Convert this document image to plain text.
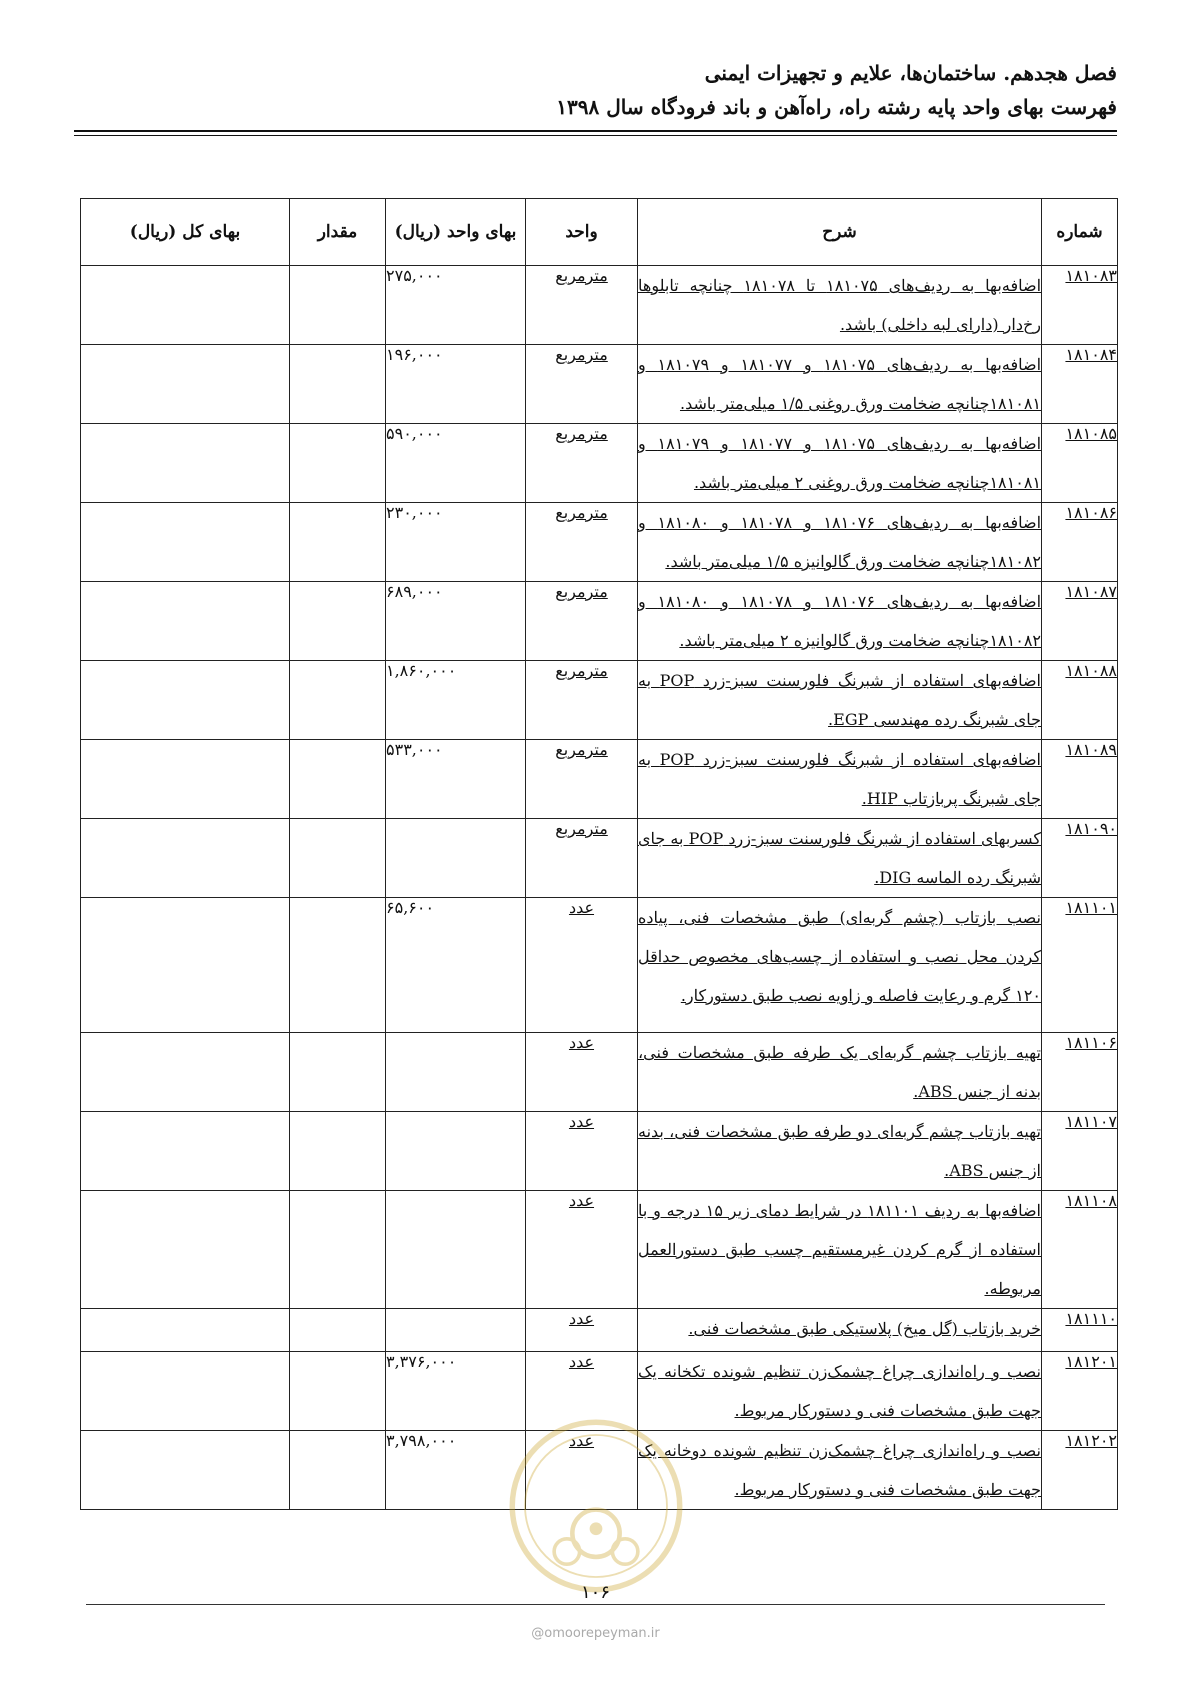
فصل هجدهم. ساختمان‌ها، علایم و تجهیزات ایمنی
فهرست بهای واحد پایه رشته راه، راه‌آهن و باند فرودگاه سال ۱۳۹۸
شماره	شرح	واحد	بهای واحد (ریال)	مقدار	بهای کل (ریال)
۱۸۱۰۸۳	اضافه‌بها به ردیف‌های ۱۸۱۰۷۵ تا ۱۸۱۰۷۸ چنانچه تابلوها رخ‌دار (دارای لبه داخلی) باشد.	مترمربع	۲۷۵,۰۰۰		
۱۸۱۰۸۴	اضافه‌بها به ردیف‌های ۱۸۱۰۷۵ و ۱۸۱۰۷۷ و ۱۸۱۰۷۹ و ۱۸۱۰۸۱چنانچه ضخامت ورق روغنی ۱/۵ میلی‌متر باشد.	مترمربع	۱۹۶,۰۰۰		
۱۸۱۰۸۵	اضافه‌بها به ردیف‌های ۱۸۱۰۷۵ و ۱۸۱۰۷۷ و ۱۸۱۰۷۹ و ۱۸۱۰۸۱چنانچه ضخامت ورق روغنی ۲ میلی‌متر باشد.	مترمربع	۵۹۰,۰۰۰		
۱۸۱۰۸۶	اضافه‌بها به ردیف‌های ۱۸۱۰۷۶ و ۱۸۱۰۷۸ و ۱۸۱۰۸۰ و ۱۸۱۰۸۲چنانچه ضخامت ورق گالوانیزه ۱/۵ میلی‌متر باشد.	مترمربع	۲۳۰,۰۰۰		
۱۸۱۰۸۷	اضافه‌بها به ردیف‌های ۱۸۱۰۷۶ و ۱۸۱۰۷۸ و ۱۸۱۰۸۰ و ۱۸۱۰۸۲چنانچه ضخامت ورق گالوانیزه ۲ میلی‌متر باشد.	مترمربع	۶۸۹,۰۰۰		
۱۸۱۰۸۸	اضافه‌بهای استفاده از شبرنگ فلورسنت سبز-زرد POP به جای شبرنگ رده مهندسی EGP.	مترمربع	۱,۸۶۰,۰۰۰		
۱۸۱۰۸۹	اضافه‌بهای استفاده از شبرنگ فلورسنت سبز-زرد POP به جای شبرنگ پربازتاب HIP.	مترمربع	۵۳۳,۰۰۰		
۱۸۱۰۹۰	کسربهای استفاده از شبرنگ فلورسنت سبز-زرد POP به جای شبرنگ رده الماسه DIG.	مترمربع			
۱۸۱۱۰۱	نصب بازتاب (چشم گربه‌ای) طبق مشخصات فنی، پیاده کردن محل نصب و استفاده از چسب‌های مخصوص حداقل ۱۲۰ گرم و رعایت فاصله و زاویه نصب طبق دستورکار.	عدد	۶۵,۶۰۰		
۱۸۱۱۰۶	تهیه بازتاب چشم گربه‌ای یک طرفه طبق مشخصات فنی، بدنه از جنس ABS.	عدد			
۱۸۱۱۰۷	تهیه بازتاب چشم گربه‌ای دو طرفه طبق مشخصات فنی، بدنه از جنس ABS.	عدد			
۱۸۱۱۰۸	اضافه‌بها به ردیف ۱۸۱۱۰۱ در شرایط دمای زیر ۱۵ درجه و با استفاده از گرم کردن غیرمستقیم چسب طبق دستورالعمل مربوطه.	عدد			
۱۸۱۱۱۰	خرید بازتاب (گل میخ) پلاستیکی طبق مشخصات فنی.	عدد			
۱۸۱۲۰۱	نصب و راه‌اندازی چراغ چشمک‌زن تنظیم شونده تکخانه یک جهت طبق مشخصات فنی و دستورکار مربوط.	عدد	۳,۳۷۶,۰۰۰		
۱۸۱۲۰۲	نصب و راه‌اندازی چراغ چشمک‌زن تنظیم شونده دوخانه یک جهت طبق مشخصات فنی و دستورکار مربوط.	عدد	۳,۷۹۸,۰۰۰		
۱۰۶
@omoorepeyman.ir
